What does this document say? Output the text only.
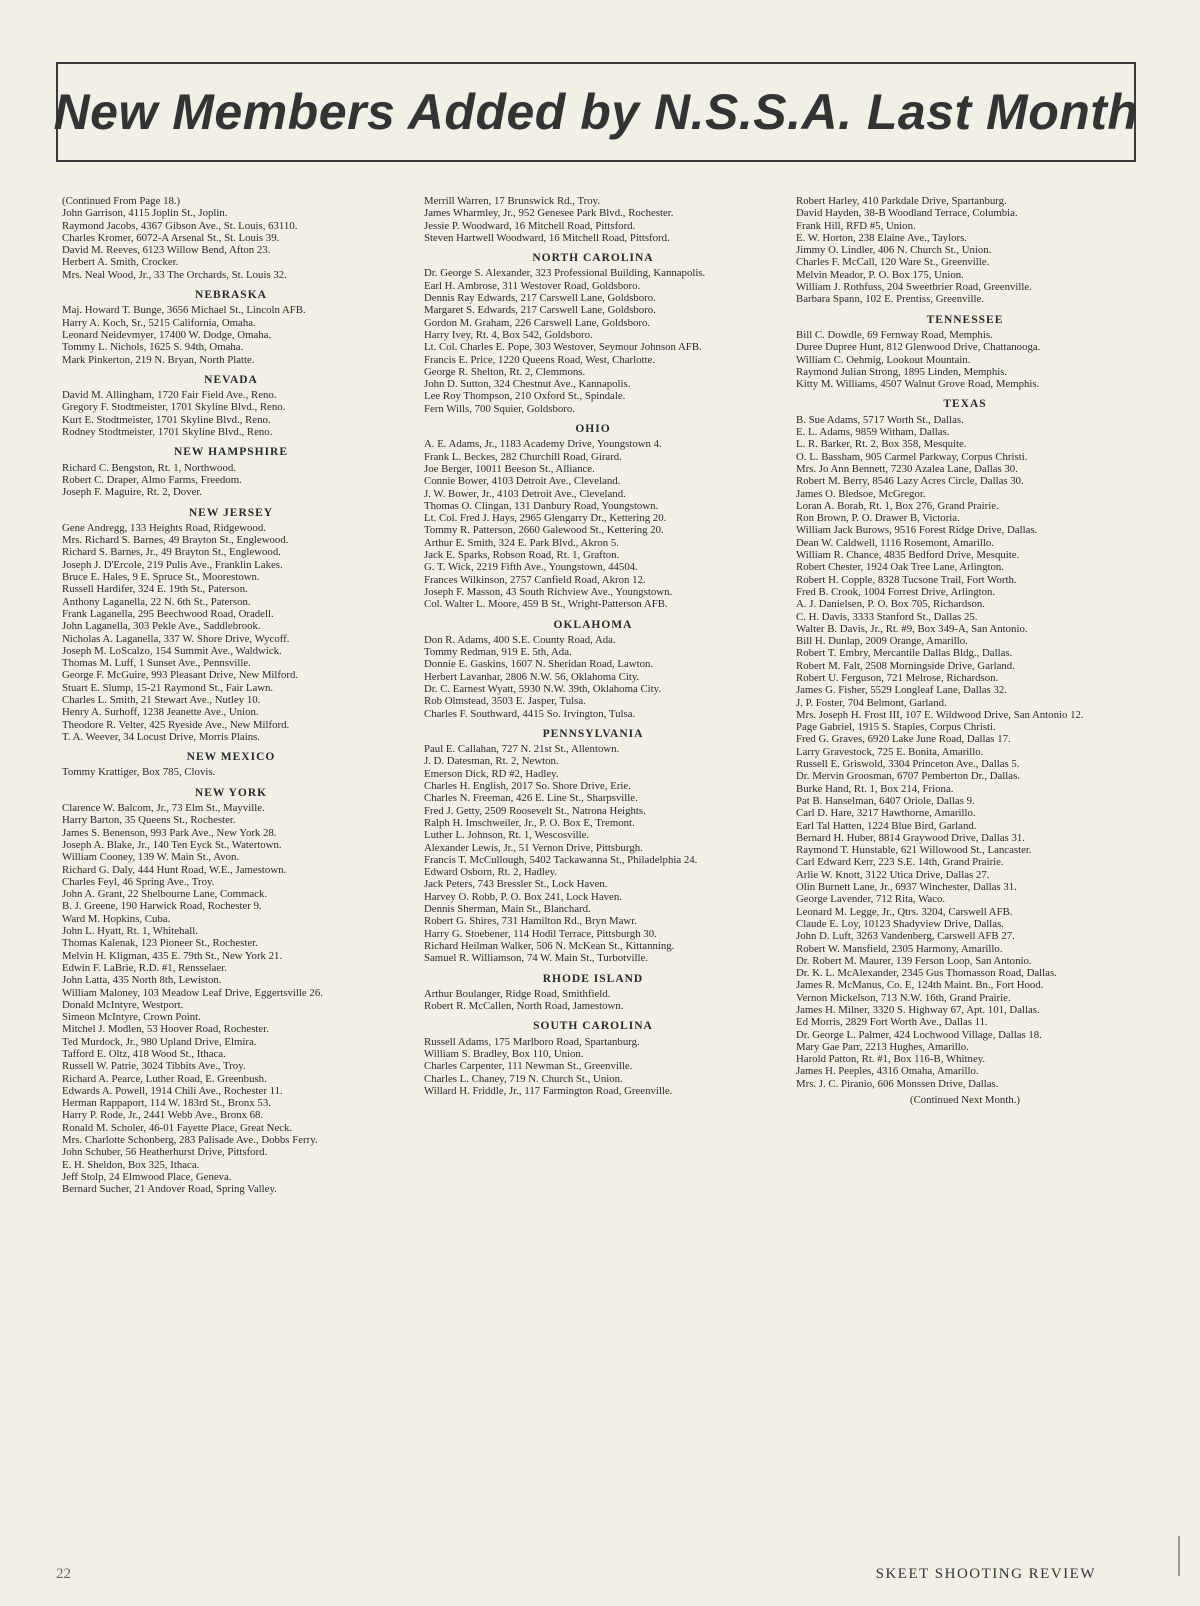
New Members Added by N.S.S.A. Last Month

(Continued From Page 18.)

John Garrison, 4115 Joplin St., Joplin.

Raymond Jacobs, 4367 Gibson Ave., St. Louis, 63110.

Charles Kromer, 6072-A Arsenal St., St. Louis 39.

David M. Reeves, 6123 Willow Bend, Afton 23.

Herbert A. Smith, Crocker.

Mrs. Neal Wood, Jr., 33 The Orchards, St. Louis 32.

NEBRASKA

Maj. Howard T. Bunge, 3656 Michael St., Lincoln AFB.

Harry A. Koch, Sr., 5215 California, Omaha.

Leonard Neidevmyer, 17400 W. Dodge, Omaha.

Tommy L. Nichols, 1625 S. 94th, Omaha.

Mark Pinkerton, 219 N. Bryan, North Platte.

NEVADA

David M. Allingham, 1720 Fair Field Ave., Reno.

Gregory F. Stodtmeister, 1701 Skyline Blvd., Reno.

Kurt E. Stodtmeister, 1701 Skyline Blvd., Reno.

Rodney Stodtmeister, 1701 Skyline Blvd., Reno.

NEW HAMPSHIRE

Richard C. Bengston, Rt. 1, Northwood.

Robert C. Draper, Almo Farms, Freedom.

Joseph F. Maguire, Rt. 2, Dover.

NEW JERSEY

Gene Andregg, 133 Heights Road, Ridgewood.

Mrs. Richard S. Barnes, 49 Brayton St., Englewood.

Richard S. Barnes, Jr., 49 Brayton St., Englewood.

Joseph J. D'Ercole, 219 Pulis Ave., Franklin Lakes.

Bruce E. Hales, 9 E. Spruce St., Moorestown.

Russell Hardifer, 324 E. 19th St., Paterson.

Anthony Laganella, 22 N. 6th St., Paterson.

Frank Laganella, 295 Beechwood Road, Oradell.

John Laganella, 303 Pekle Ave., Saddlebrook.

Nicholas A. Laganella, 337 W. Shore Drive, Wycoff.

Joseph M. LoScalzo, 154 Summit Ave., Waldwick.

Thomas M. Luff, 1 Sunset Ave., Pennsville.

George F. McGuire, 993 Pleasant Drive, New Milford.

Stuart E. Slump, 15-21 Raymond St., Fair Lawn.

Charles L. Smith, 21 Stewart Ave., Nutley 10.

Henry A. Surhoff, 1238 Jeanette Ave., Union.

Theodore R. Velter, 425 Ryeside Ave., New Milford.

T. A. Weever, 34 Locust Drive, Morris Plains.

NEW MEXICO

Tommy Krattiger, Box 785, Clovis.

NEW YORK

Clarence W. Balcom, Jr., 73 Elm St., Mayville.

Harry Barton, 35 Queens St., Rochester.

James S. Benenson, 993 Park Ave., New York 28.

Joseph A. Blake, Jr., 140 Ten Eyck St., Watertown.

William Cooney, 139 W. Main St., Avon.

Richard G. Daly, 444 Hunt Road, W.E., Jamestown.

Charles Feyl, 46 Spring Ave., Troy.

John A. Grant, 22 Shelbourne Lane, Commack.

B. J. Greene, 190 Harwick Road, Rochester 9.

Ward M. Hopkins, Cuba.

John L. Hyatt, Rt. 1, Whitehall.

Thomas Kalenak, 123 Pioneer St., Rochester.

Melvin H. Kligman, 435 E. 79th St., New York 21.

Edwin F. LaBrie, R.D. #1, Rensselaer.

John Latta, 435 North 8th, Lewiston.

William Maloney, 103 Meadow Leaf Drive, Eggertsville 26.

Donald McIntyre, Westport.

Simeon McIntyre, Crown Point.

Mitchel J. Modlen, 53 Hoover Road, Rochester.

Ted Murdock, Jr., 980 Upland Drive, Elmira.

Tafford E. Oltz, 418 Wood St., Ithaca.

Russell W. Patrie, 3024 Tibbits Ave., Troy.

Richard A. Pearce, Luther Road, E. Greenbush.

Edwards A. Powell, 1914 Chili Ave., Rochester 11.

Herman Rappaport, 114 W. 183rd St., Bronx 53.

Harry P. Rode, Jr., 2441 Webb Ave., Bronx 68.

Ronald M. Scholer, 46-01 Fayette Place, Great Neck.

Mrs. Charlotte Schonberg, 283 Palisade Ave., Dobbs Ferry.

John Schuber, 56 Heatherhurst Drive, Pittsford.

E. H. Sheldon, Box 325, Ithaca.

Jeff Stolp, 24 Elmwood Place, Geneva.

Bernard Sucher, 21 Andover Road, Spring Valley.

Merrill Warren, 17 Brunswick Rd., Troy.

James Wharmley, Jr., 952 Genesee Park Blvd., Rochester.

Jessie P. Woodward, 16 Mitchell Road, Pittsford.

Steven Hartwell Woodward, 16 Mitchell Road, Pittsford.

NORTH CAROLINA

Dr. George S. Alexander, 323 Professional Building, Kannapolis.

Earl H. Ambrose, 311 Westover Road, Goldsboro.

Dennis Ray Edwards, 217 Carswell Lane, Goldsboro.

Margaret S. Edwards, 217 Carswell Lane, Goldsboro.

Gordon M. Graham, 226 Carswell Lane, Goldsboro.

Harry Ivey, Rt. 4, Box 542, Goldsboro.

Lt. Col. Charles E. Pope, 303 Westover, Seymour Johnson AFB.

Francis E. Price, 1220 Queens Road, West, Charlotte.

George R. Shelton, Rt. 2, Clemmons.

John D. Sutton, 324 Chestnut Ave., Kannapolis.

Lee Roy Thompson, 210 Oxford St., Spindale.

Fern Wills, 700 Squier, Goldsboro.

OHIO

A. E. Adams, Jr., 1183 Academy Drive, Youngstown 4.

Frank L. Beckes, 282 Churchill Road, Girard.

Joe Berger, 10011 Beeson St., Alliance.

Connie Bower, 4103 Detroit Ave., Cleveland.

J. W. Bower, Jr., 4103 Detroit Ave., Cleveland.

Thomas O. Clingan, 131 Danbury Road, Youngstown.

Lt. Col. Fred J. Hays, 2965 Glengarry Dr., Kettering 20.

Tommy R. Patterson, 2660 Galewood St., Kettering 20.

Arthur E. Smith, 324 E. Park Blvd., Akron 5.

Jack E. Sparks, Robson Road, Rt. 1, Grafton.

G. T. Wick, 2219 Fifth Ave., Youngstown, 44504.

Frances Wilkinson, 2757 Canfield Road, Akron 12.

Joseph F. Masson, 43 South Richview Ave., Youngstown.

Col. Walter L. Moore, 459 B St., Wright-Patterson AFB.

OKLAHOMA

Don R. Adams, 400 S.E. County Road, Ada.

Tommy Redman, 919 E. 5th, Ada.

Donnie E. Gaskins, 1607 N. Sheridan Road, Lawton.

Herbert Lavanhar, 2806 N.W. 56, Oklahoma City.

Dr. C. Earnest Wyatt, 5930 N.W. 39th, Oklahoma City.

Rob Olmstead, 3503 E. Jasper, Tulsa.

Charles F. Southward, 4415 So. Irvington, Tulsa.

PENNSYLVANIA

Paul E. Callahan, 727 N. 21st St., Allentown.

J. D. Datesman, Rt. 2, Newton.

Emerson Dick, RD #2, Hadley.

Charles H. English, 2017 So. Shore Drive, Erie.

Charles N. Freeman, 426 E. Line St., Sharpsville.

Fred J. Getty, 2509 Roosevelt St., Natrona Heights.

Ralph H. Imschweiler, Jr., P. O. Box E, Tremont.

Luther L. Johnson, Rt. 1, Wescosville.

Alexander Lewis, Jr., 51 Vernon Drive, Pittsburgh.

Francis T. McCullough, 5402 Tackawanna St., Philadelphia 24.

Edward Osborn, Rt. 2, Hadley.

Jack Peters, 743 Bressler St., Lock Haven.

Harvey O. Robb, P. O. Box 241, Lock Haven.

Dennis Sherman, Main St., Blanchard.

Robert G. Shires, 731 Hamilton Rd., Bryn Mawr.

Harry G. Stoebener, 114 Hodil Terrace, Pittsburgh 30.

Richard Heilman Walker, 506 N. McKean St., Kittanning.

Samuel R. Williamson, 74 W. Main St., Turbotville.

RHODE ISLAND

Arthur Boulanger, Ridge Road, Smithfield.

Robert R. McCallen, North Road, Jamestown.

SOUTH CAROLINA

Russell Adams, 175 Marlboro Road, Spartanburg.

William S. Bradley, Box 110, Union.

Charles Carpenter, 111 Newman St., Greenville.

Charles L. Chaney, 719 N. Church St., Union.

Willard H. Friddle, Jr., 117 Farmington Road, Greenville.

Robert Harley, 410 Parkdale Drive, Spartanburg.

David Hayden, 38-B Woodland Terrace, Columbia.

Frank Hill, RFD #5, Union.

E. W. Horton, 238 Elaine Ave., Taylors.

Jimmy O. Lindler, 406 N. Church St., Union.

Charles F. McCall, 120 Ware St., Greenville.

Melvin Meador, P. O. Box 175, Union.

William J. Rothfuss, 204 Sweetbrier Road, Greenville.

Barbara Spann, 102 E. Prentiss, Greenville.

TENNESSEE

Bill C. Dowdle, 69 Fernway Road, Memphis.

Duree Dupree Hunt, 812 Glenwood Drive, Chattanooga.

William C. Oehmig, Lookout Mountain.

Raymond Julian Strong, 1895 Linden, Memphis.

Kitty M. Williams, 4507 Walnut Grove Road, Memphis.

TEXAS

B. Sue Adams, 5717 Worth St., Dallas.

E. L. Adams, 9859 Witham, Dallas.

L. R. Barker, Rt. 2, Box 358, Mesquite.

O. L. Bassham, 905 Carmel Parkway, Corpus Christi.

Mrs. Jo Ann Bennett, 7230 Azalea Lane, Dallas 30.

Robert M. Berry, 8546 Lazy Acres Circle, Dallas 30.

James O. Bledsoe, McGregor.

Loran A. Borah, Rt. 1, Box 276, Grand Prairie.

Ron Brown, P. O. Drawer B, Victoria.

William Jack Burows, 9516 Forest Ridge Drive, Dallas.

Dean W. Caldwell, 1116 Rosemont, Amarillo.

William R. Chance, 4835 Bedford Drive, Mesquite.

Robert Chester, 1924 Oak Tree Lane, Arlington.

Robert H. Copple, 8328 Tucsone Trail, Fort Worth.

Fred B. Crook, 1004 Forrest Drive, Arlington.

A. J. Danielsen, P. O. Box 705, Richardson.

C. H. Davis, 3333 Stanford St., Dallas 25.

Walter B. Davis, Jr., Rt. #9, Box 349-A, San Antonio.

Bill H. Dunlap, 2009 Orange, Amarillo.

Robert T. Embry, Mercantile Dallas Bldg., Dallas.

Robert M. Falt, 2508 Morningside Drive, Garland.

Robert U. Ferguson, 721 Melrose, Richardson.

James G. Fisher, 5529 Longleaf Lane, Dallas 32.

J. P. Foster, 704 Belmont, Garland.

Mrs. Joseph H. Frost III, 107 E. Wildwood Drive, San Antonio 12.

Page Gabriel, 1915 S. Staples, Corpus Christi.

Fred G. Graves, 6920 Lake June Road, Dallas 17.

Larry Gravestock, 725 E. Bonita, Amarillo.

Russell E. Griswold, 3304 Princeton Ave., Dallas 5.

Dr. Mervin Groosman, 6707 Pemberton Dr., Dallas.

Burke Hand, Rt. 1, Box 214, Friona.

Pat B. Hanselman, 6407 Oriole, Dallas 9.

Carl D. Hare, 3217 Hawthorne, Amarillo.

Earl Tal Hatten, 1224 Blue Bird, Garland.

Bernard H. Huber, 8814 Graywood Drive, Dallas 31.

Raymond T. Hunstable, 621 Willowood St., Lancaster.

Carl Edward Kerr, 223 S.E. 14th, Grand Prairie.

Arlie W. Knott, 3122 Utica Drive, Dallas 27.

Olin Burnett Lane, Jr., 6937 Winchester, Dallas 31.

George Lavender, 712 Rita, Waco.

Leonard M. Legge, Jr., Qtrs. 3204, Carswell AFB.

Claude E. Loy, 10123 Shadyview Drive, Dallas.

John D. Luft, 3263 Vandenberg, Carswell AFB 27.

Robert W. Mansfield, 2305 Harmony, Amarillo.

Dr. Robert M. Maurer, 139 Ferson Loop, San Antonio.

Dr. K. L. McAlexander, 2345 Gus Thomasson Road, Dallas.

James R. McManus, Co. E, 124th Maint. Bn., Fort Hood.

Vernon Mickelson, 713 N.W. 16th, Grand Prairie.

James H. Milner, 3320 S. Highway 67, Apt. 101, Dallas.

Ed Morris, 2829 Fort Worth Ave., Dallas 11.

Dr. George L. Palmer, 424 Lochwood Village, Dallas 18.

Mary Gae Parr, 2213 Hughes, Amarillo.

Harold Patton, Rt. #1, Box 116-B, Whitney.

James H. Peeples, 4316 Omaha, Amarillo.

Mrs. J. C. Piranio, 606 Monssen Drive, Dallas.

(Continued Next Month.)
22	SKEET SHOOTING REVIEW
